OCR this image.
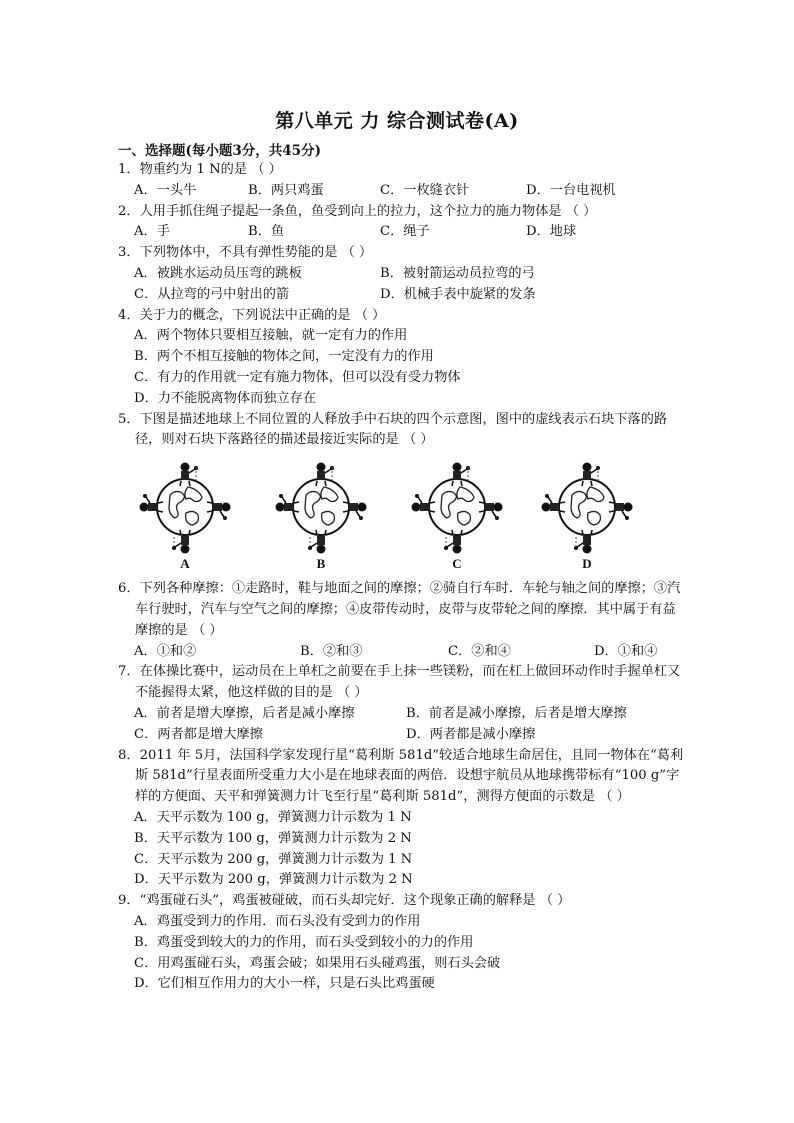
第八单元 力 综合测试卷(A)
一、选择题(每小题3分，共45分)

1．物重约为 1 N的是 （ ）

A．一头牛	B．两只鸡蛋	C．一枚缝衣针	D．一台电视机

2．人用手抓住绳子提起一条鱼，鱼受到向上的拉力，这个拉力的施力物体是 （ ）

A．手	B．鱼	C．绳子	D．地球

3．下列物体中，不具有弹性势能的是 （ ）

A．被跳水运动员压弯的跳板	B．被射箭运动员拉弯的弓
C．从拉弯的弓中射出的箭	D．机械手表中旋紧的发条

4．关于力的概念，下列说法中正确的是 （ ）

A．两个物体只要相互接触，就一定有力的作用
B．两个不相互接触的物体之间，一定没有力的作用
C．有力的作用就一定有施力物体，但可以没有受力物体
D．力不能脱离物体而独立存在

5．下图是描述地球上不同位置的人释放手中石块的四个示意图，图中的虚线表示石块下落的路径，则对石块下落路径的描述最接近实际的是 （ ）

A	B	C	D

6．下列各种摩擦：①走路时，鞋与地面之间的摩擦；②骑自行车时．车轮与轴之间的摩擦；③汽车行驶时，汽车与空气之间的摩擦；④皮带传动时，皮带与皮带轮之间的摩擦．其中属于有益摩擦的是 （ ）

A．①和②	B．②和③	C．②和④	D．①和④

7．在体操比赛中，运动员在上单杠之前要在手上抹一些镁粉，而在杠上做回环动作时手握单杠又不能握得太紧，他这样做的目的是 （ ）

A．前者是增大摩擦，后者是减小摩擦	B．前者是减小摩擦，后者是增大摩擦
C．两者都是增大摩擦	D．两者都是减小摩擦

8．2011 年 5月，法国科学家发现行星“葛利斯 581d”较适合地球生命居住，且同一物体在“葛利斯 581d”行星表面所受重力大小是在地球表面的两倍．设想宇航员从地球携带标有“100 g”字样的方便面、天平和弹簧测力计飞至行星“葛利斯 581d”，测得方便面的示数是 （ ）

A．天平示数为 100 g，弹簧测力计示数为 1 N
B．天平示数为 100 g，弹簧测力计示数为 2 N
C．天平示数为 200 g，弹簧测力计示数为 1 N
D．天平示数为 200 g，弹簧测力计示数为 2 N

9．“鸡蛋碰石头”，鸡蛋被碰破，而石头却完好．这个现象正确的解释是 （ ）

A．鸡蛋受到力的作用．而石头没有受到力的作用
B．鸡蛋受到较大的力的作用，而石头受到较小的力的作用
C．用鸡蛋碰石头，鸡蛋会破；如果用石头碰鸡蛋，则石头会破
D．它们相互作用力的大小一样，只是石头比鸡蛋硬
